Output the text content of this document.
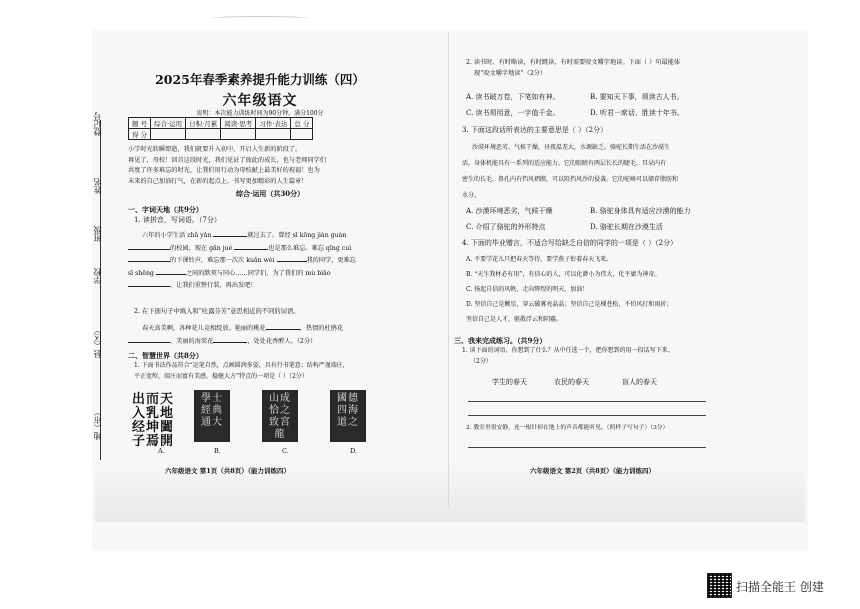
登记号
姓名
班级
学校
县（区）
地（市）
2025年春季素养提升能力训练（四）
六年级语文
说明：本次能力训练时间为90分钟，满分100分
题 号	综合·运用	日积·月累	阅读·思考	习作·表达	总 分
得 分					
小学时光转瞬即逝，我们就要升入初中，开启人生新的阶段了。
再见了，母校！回首这段时光，我们见证了彼此的成长，也与老师同学们
共度了许多难忘的时光，让我们用行动为母校献上最美好的祝福！也为
未来的自己加油打气，在新的起点上，书写更加精彩的人生篇章！
综合·运用（共30分）
一、字词天地（共9分）
1. 读拼音，写词语。（7分）
六年的小学生活 zhǎ yǎn	就过去了。曾经 sī kōng jiàn guàn
的校园，现在 gǎn jué	也是那么难忘。难忘 qīng cuì
的下课铃声，难忘那一次次 kuān wèi	我的同学，更难忘
sī shēng	之间的默契与同心……同学们，为了我们的 mù biāo
，让我们重整行装，再出发吧！
2. 在下面句子中填入和“吐露芬芳”意思相近的不同的词语。
春天真美啊，各种花儿竞相绽放。艳丽的桃花	，热情的杜鹃花
，美丽的海棠花	，处处花香醉人。（2分）
二、智慧世界（共8分）
1. 下面书法作品符合“运笔自然，点画圆润多姿，具有行书笔意；结构严谨端庄，
平正宽绰，端庄而富有美感，稳健大方”特点的一项是（ ）（2分）
出而天
入乳地
经坤闔
子焉開
學士
經典
通大
山成
恰之
致宮
龍
國德
四海
道之
A.	B.	C.	D.
六年级语文 第1页（共8页）（能力训练四）
2. 读书时，有时略读，有时跳读，有时需要咬文嚼字地读。下面（ ）句最能体
现“咬文嚼字地读”（2分）
A. 读书破万卷，下笔如有神。	B. 要知天下事，须读古人书。
C. 读书须用意，一字值千金。	D. 听君一席话，胜读十年书。
3. 下面这段话所表达的主要意思是（ ）（2分）
沙漠环境恶劣，气候干燥，昼夜温差大，水源缺乏。骆驼长期生活在沙漠生
活，身体机能具有一系列的适应能力，它的眼睛有两层长长的睫毛，耳朵内有
密生的长毛，鼻孔内有挡风褶膜，可以阻挡风沙的侵袭。它的驼峰可以储存脂肪和
水分。
A. 沙漠环境恶劣，气候干燥	B. 骆驼身体具有适应沙漠的能力
C. 介绍了骆驼的外形特点	D. 骆驼长期在沙漠生活
4. 下面的毕业赠言，不适合写给缺乏自信的同学的一项是（ ）（2分）
A. 不要学花儿只把春天等待，要学燕子衔着春天飞来。
B. “天生我材必有用”，有信心的人，可以化渺小为伟大，化平庸为神奇。
C. 扬起自信的风帆，走向辉煌的明天，加油！
D. 坚信自己是颗星，穿云破雾亮晶晶；坚信自己是棵苍松，不怕风打和雨折；
坚信自己是人才，驱散浮云和阴霾。
三、我来完成练习。（共9分）
1. 读下面的词语，你想到了什么？从中任选一个，把你想到的用一段话写下来。
（2分）
学生的春天	农民的春天	盲人的春天
2. 教室里很安静，连一根针掉在地上的声音都能听见。（照样子写句子）（3分）
六年级语文 第2页（共8页）（能力训练四）
扫描全能王 创建
